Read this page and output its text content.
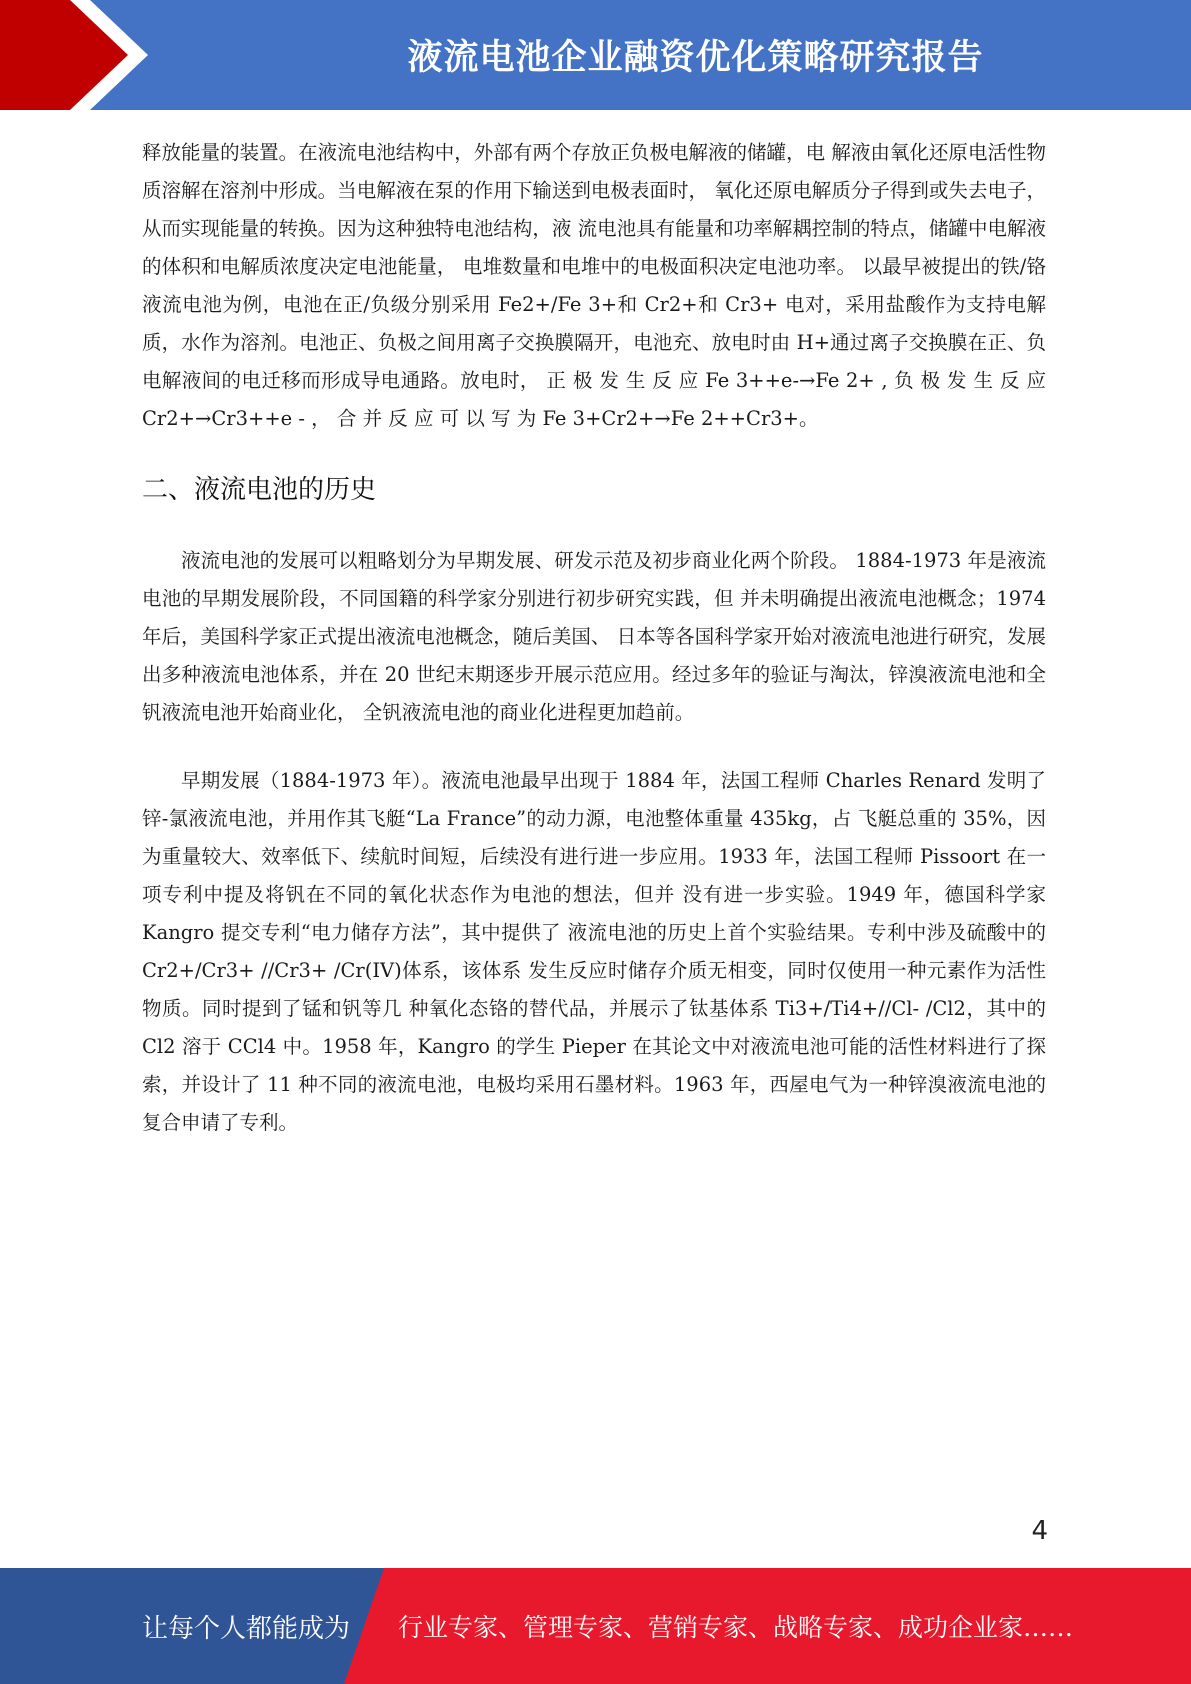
液流电池企业融资优化策略研究报告

释放能量的装置。在液流电池结构中，外部有两个存放正负极电解液的储罐，电 解液由氧化还原电活性物质溶解在溶剂中形成。当电解液在泵的作用下输送到电极表面时， 氧化还原电解质分子得到或失去电子，从而实现能量的转换。因为这种独特电池结构，液 流电池具有能量和功率解耦控制的特点，储罐中电解液的体积和电解质浓度决定电池能量， 电堆数量和电堆中的电极面积决定电池功率。 以最早被提出的铁/铬液流电池为例，电池在正/负级分别采用 Fe2+/Fe 3+和 Cr2+和 Cr3+ 电对，采用盐酸作为支持电解质，水作为溶剂。电池正、负极之间用离子交换膜隔开，电池充、放电时由 H+通过离子交换膜在正、负电解液间的电迁移而形成导电通路。放电时， 正 极 发 生 反 应 Fe 3++e-→Fe 2+ , 负 极 发 生 反 应 Cr2+→Cr3++e - ， 合 并 反 应 可 以 写 为 Fe 3+Cr2+→Fe 2++Cr3+。

二、液流电池的历史

液流电池的发展可以粗略划分为早期发展、研发示范及初步商业化两个阶段。 1884-1973 年是液流电池的早期发展阶段，不同国籍的科学家分别进行初步研究实践，但 并未明确提出液流电池概念；1974 年后，美国科学家正式提出液流电池概念，随后美国、 日本等各国科学家开始对液流电池进行研究，发展出多种液流电池体系，并在 20 世纪末期逐步开展示范应用。经过多年的验证与淘汰，锌溴液流电池和全钒液流电池开始商业化， 全钒液流电池的商业化进程更加趋前。

早期发展（1884-1973 年）。液流电池最早出现于 1884 年，法国工程师 Charles Renard 发明了锌-氯液流电池，并用作其飞艇“La France”的动力源，电池整体重量 435kg，占 飞艇总重的 35%，因为重量较大、效率低下、续航时间短，后续没有进行进一步应用。1933 年，法国工程师 Pissoort 在一项专利中提及将钒在不同的氧化状态作为电池的想法，但并 没有进一步实验。1949 年，德国科学家 Kangro 提交专利“电力储存方法”，其中提供了 液流电池的历史上首个实验结果。专利中涉及硫酸中的 Cr2+/Cr3+ //Cr3+ /Cr(IV)体系，该体系 发生反应时储存介质无相变，同时仅使用一种元素作为活性物质。同时提到了锰和钒等几 种氧化态铬的替代品，并展示了钛基体系 Ti3+/Ti4+//Cl- /Cl2，其中的 Cl2 溶于 CCl4 中。1958 年，Kangro 的学生 Pieper 在其论文中对液流电池可能的活性材料进行了探索，并设计了 11 种不同的液流电池，电极均采用石墨材料。1963 年，西屋电气为一种锌溴液流电池的 复合申请了专利。

4
让每个人都能成为 行业专家、管理专家、营销专家、战略专家、成功企业家……
